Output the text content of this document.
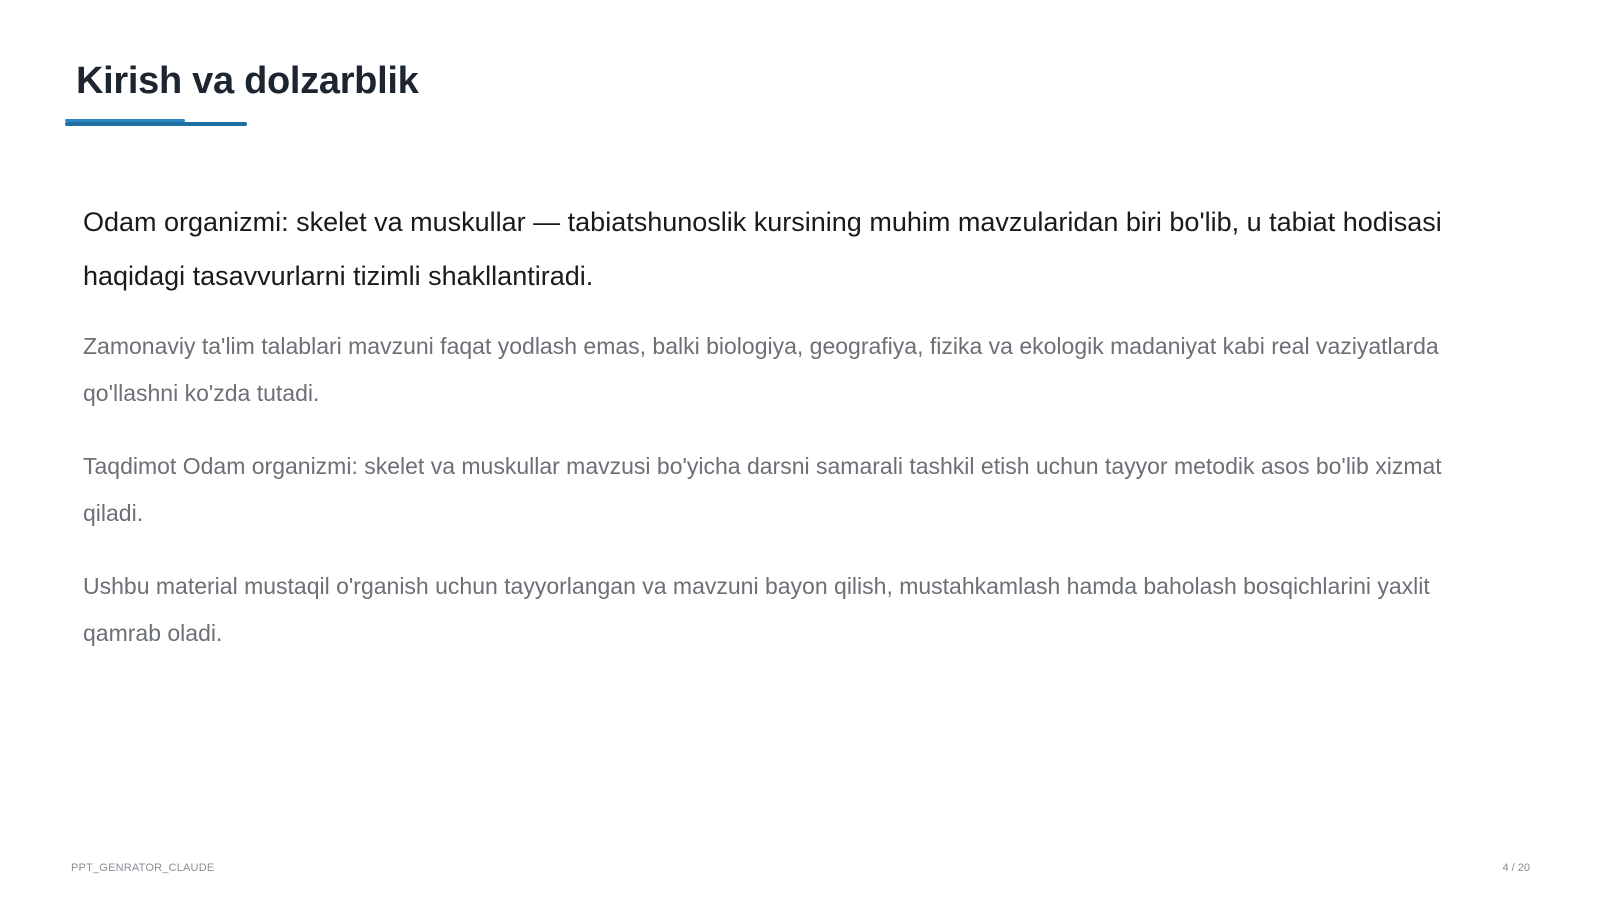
Kirish va dolzarblik

Odam organizmi: skelet va muskullar — tabiatshunoslik kursining muhim mavzularidan biri bo'lib, u tabiat hodisasi haqidagi tasavvurlarni tizimli shakllantiradi.

Zamonaviy ta'lim talablari mavzuni faqat yodlash emas, balki biologiya, geografiya, fizika va ekologik madaniyat kabi real vaziyatlarda qo'llashni ko'zda tutadi.

Taqdimot Odam organizmi: skelet va muskullar mavzusi bo'yicha darsni samarali tashkil etish uchun tayyor metodik asos bo'lib xizmat qiladi.

Ushbu material mustaqil o'rganish uchun tayyorlangan va mavzuni bayon qilish, mustahkamlash hamda baholash bosqichlarini yaxlit qamrab oladi.

PPT_GENRATOR_CLAUDE	4 / 20
